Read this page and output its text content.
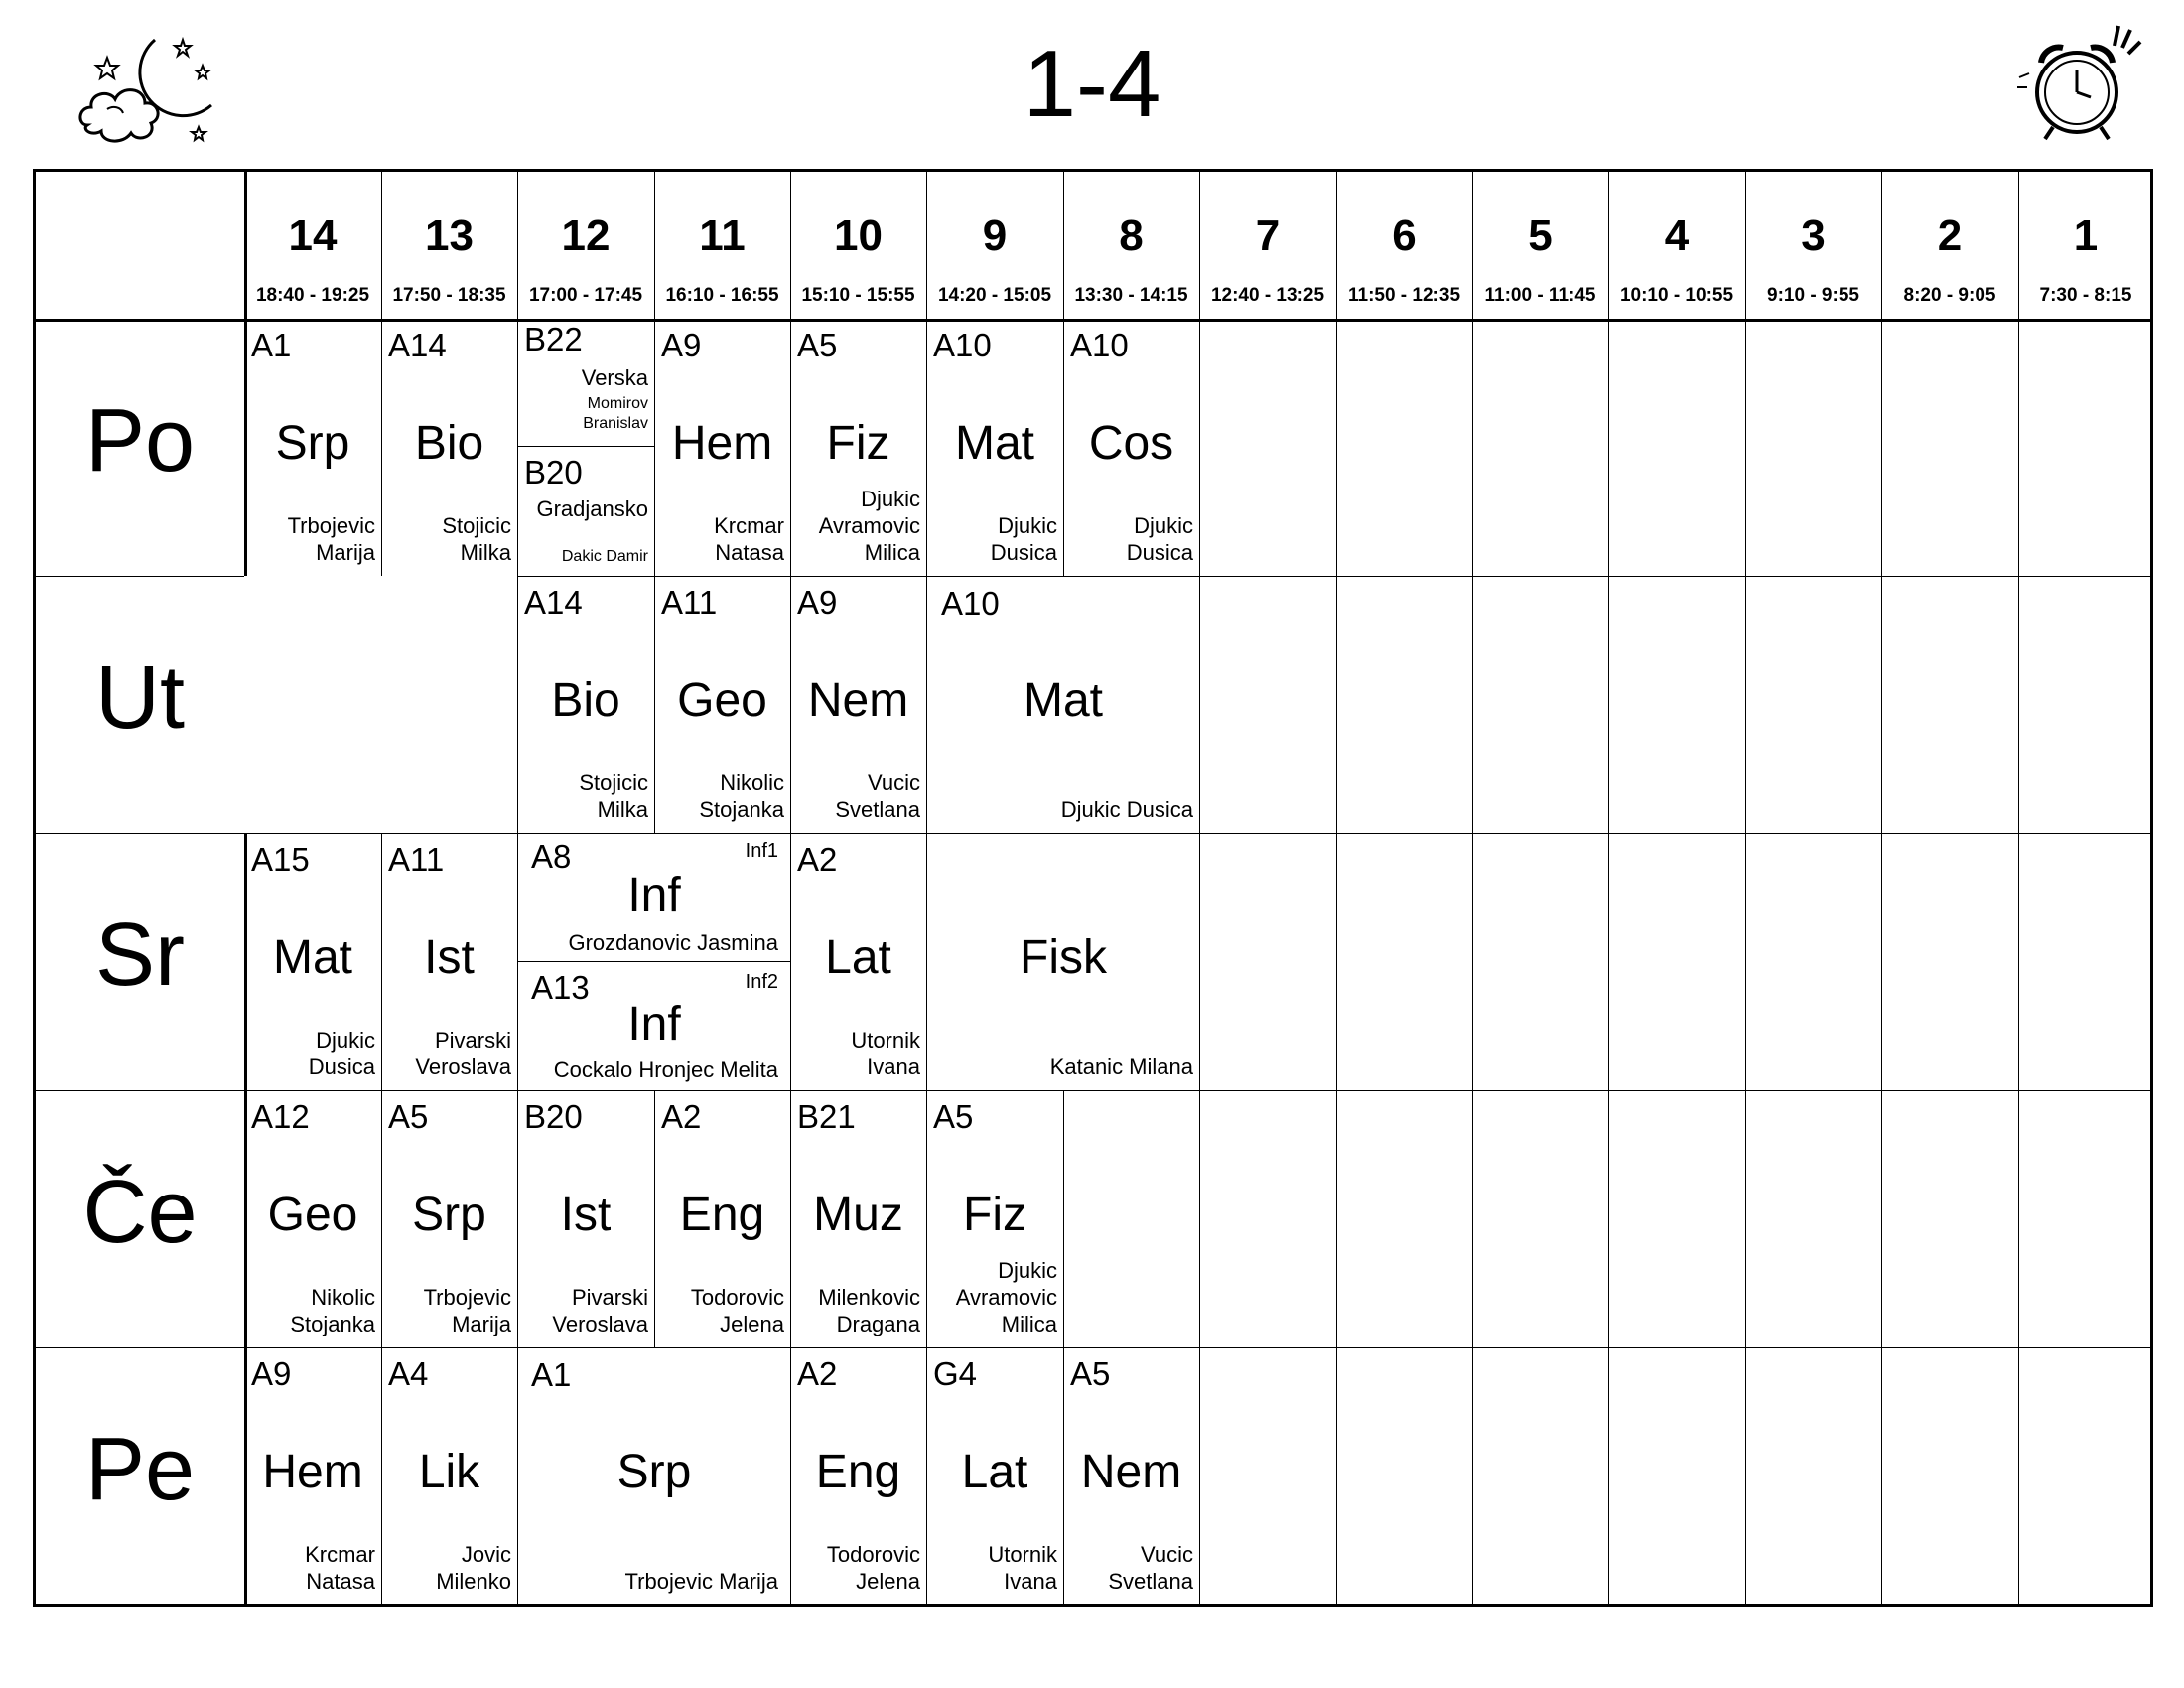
1-4
14
18:40 - 19:25
13
17:50 - 18:35
12
17:00 - 17:45
11
16:10 - 16:55
10
15:10 - 15:55
9
14:20 - 15:05
8
13:30 - 14:15
7
12:40 - 13:25
6
11:50 - 12:35
5
11:00 - 11:45
4
10:10 - 10:55
3
9:10 - 9:55
2
8:20 - 9:05
1
7:30 - 8:15
Po
Ut
Sr
Če
Pe
A1
Srp
Trbojevic
Marija
A14
Bio
Stojicic
Milka
B22
Verska
Momirov
Branislav
B20
Gradjansko
Dakic Damir
A9
Hem
Krcmar
Natasa
A5
Fiz
Djukic
Avramovic
Milica
A10
Mat
Djukic
Dusica
A10
Cos
Djukic
Dusica
A14
Bio
Stojicic
Milka
A11
Geo
Nikolic
Stojanka
A9
Nem
Vucic
Svetlana
A10
Mat
Djukic Dusica
A15
Mat
Djukic
Dusica
A11
Ist
Pivarski
Veroslava
A8	Inf1
Inf
Grozdanovic Jasmina
A13	Inf2
Inf
Cockalo Hronjec Melita
A2
Lat
Utornik
Ivana
Fisk
Katanic Milana
A12
Geo
Nikolic
Stojanka
A5
Srp
Trbojevic
Marija
B20
Ist
Pivarski
Veroslava
A2
Eng
Todorovic
Jelena
B21
Muz
Milenkovic
Dragana
A5
Fiz
Djukic
Avramovic
Milica
A9
Hem
Krcmar
Natasa
A4
Lik
Jovic
Milenko
A1
Srp
Trbojevic Marija
A2
Eng
Todorovic
Jelena
G4
Lat
Utornik
Ivana
A5
Nem
Vucic
Svetlana
